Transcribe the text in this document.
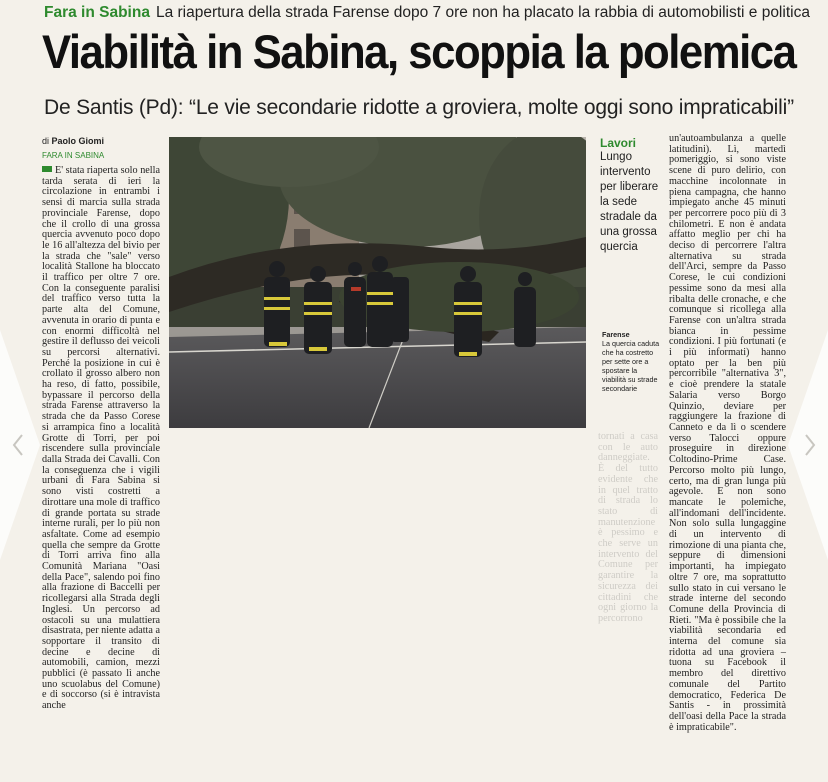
Fara in Sabina La riapertura della strada Farense dopo 7 ore non ha placato la rabbia di automobilisti e politica
Viabilità in Sabina, scoppia la polemica
De Santis (Pd): “Le vie secondarie ridotte a groviera, molte oggi sono impraticabili”
di Paolo Giomi
FARA IN SABINA

E' stata riaperta solo nella tarda serata di ieri la circolazione in entrambi i sensi di marcia sulla strada provinciale Farense, dopo che il crollo di una grossa quercia avvenuto poco dopo le 16 all'altezza del bivio per la strada che "sale" verso località Stallone ha bloccato il traffico per oltre 7 ore. Con la conseguente paralisi del traffico verso tutta la parte alta del Comune, avvenuta in orario di punta e con enormi difficoltà nel gestire il deflusso dei veicoli su percorsi alternativi. Perché la posizione in cui è crollato il grosso albero non ha reso, di fatto, possibile, bypassare il percorso della strada Farense attraverso la strada che da Passo Corese si arrampica fino a località Grotte di Torri, per poi riscendere sulla provinciale dalla Strada dei Cavalli. Con la conseguenza che i vigili urbani di Fara Sabina si sono visti costretti a dirottare una mole di traffico di grande portata su strade interne rurali, per lo più non asfaltate. Come ad esempio quella che sempre da Grotte di Torri arriva fino alla Comunità Mariana "Oasi della Pace", salendo poi fino alla frazione di Baccelli per ricollegarsi alla Strada degli Inglesi. Un percorso ad ostacoli su una mulattiera disastrata, per niente adatta a sopportare il transito di decine e decine di automobili, camion, mezzi pubblici (è passato lì anche uno scuolabus del Comune) e di soccorso (si è intravista anche

Lavori
Lungo intervento per liberare la sede stradale da una grossa quercia
Farense
La quercia caduta che ha costretto per sette ore a spostare la viabilità su strade secondarie

un'autoambulanza a quelle latitudini). Lì, martedì pomeriggio, si sono viste scene di puro delirio, con macchine incolonnate in piena campagna, che hanno impiegato anche 45 minuti per percorrere poco più di 3 chilometri. E non è andata affatto meglio per chi ha deciso di percorrere l'altra alternativa su strada dell'Arci, sempre da Passo Corese, le cui condizioni pessime sono da mesi alla ribalta delle cronache, e che comunque si ricollega alla Farense con un'altra strada bianca in pessime condizioni. I più fortunati (e i più informati) hanno optato per la ben più percorribile "alternativa 3", e cioè prendere la statale Salaria verso Borgo Quinzio, deviare per raggiungere la frazione di Canneto e da lì o scendere verso Talocci oppure proseguire in direzione Coltodino-Prime Case. Percorso molto più lungo, certo, ma di gran lunga più agevole. E non sono mancate le polemiche, all'indomani dell'incidente. Non solo sulla lungaggine di un intervento di rimozione di una pianta che, seppure di dimensioni importanti, ha impiegato oltre 7 ore, ma soprattutto sullo stato in cui versano le strade interne del secondo Comune della Provincia di Rieti. "Ma è possibile che la viabilità secondaria ed interna del comune sia ridotta ad una groviera – tuona su Facebook il membro del direttivo comunale del Partito democratico, Federica De Santis - in prossimità dell'oasi della Pace la strada è impraticabile".

tornati a casa con le auto danneggiate. È del tutto evidente che in quel tratto di strada lo stato di manutenzione è pessimo e che serve un intervento del Comune per garantire la sicurezza dei cittadini che ogni giorno la percorrono
